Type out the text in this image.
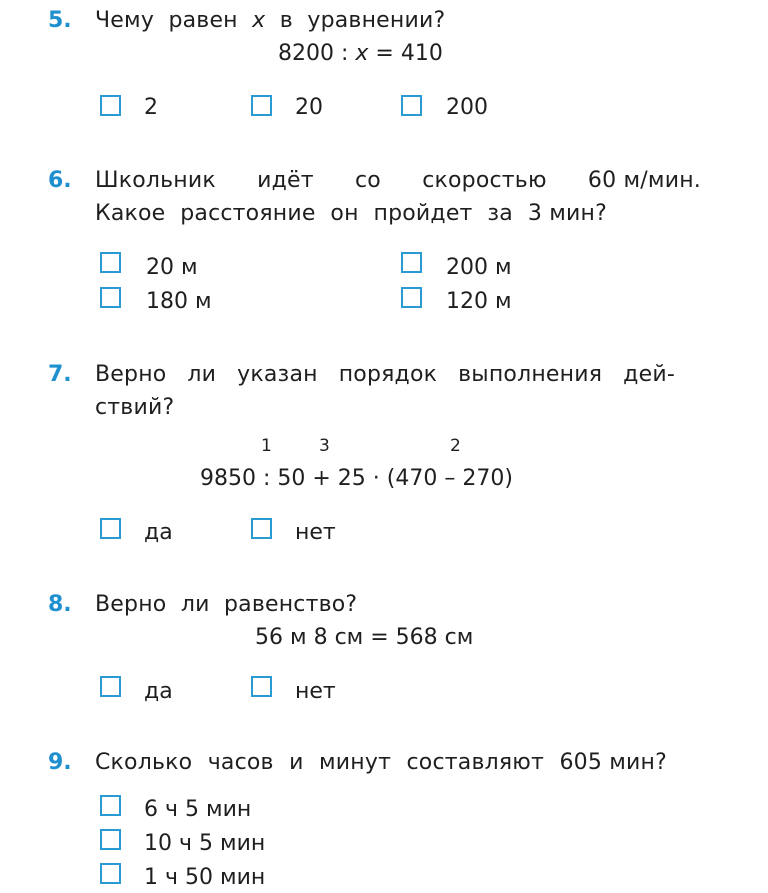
5. Чему равен x в уравнении?
8200 : x = 410
2	20	200
6. Школьник идёт со скоростью 60 м/мин.
Какое расстояние он пройдет за 3 мин?
20 м	200 м
180 м	120 м
7. Верно ли указан порядок выполнения дей-
ствий?
1	3	2
9850 : 50 + 25 · (470 – 270)
да	нет
8. Верно  ли  равенство?
56 м 8 см = 568 см
да	нет
9. Сколько часов и минут составляют 605 мин?
6 ч 5 мин
10 ч 5 мин
1 ч 50 мин
